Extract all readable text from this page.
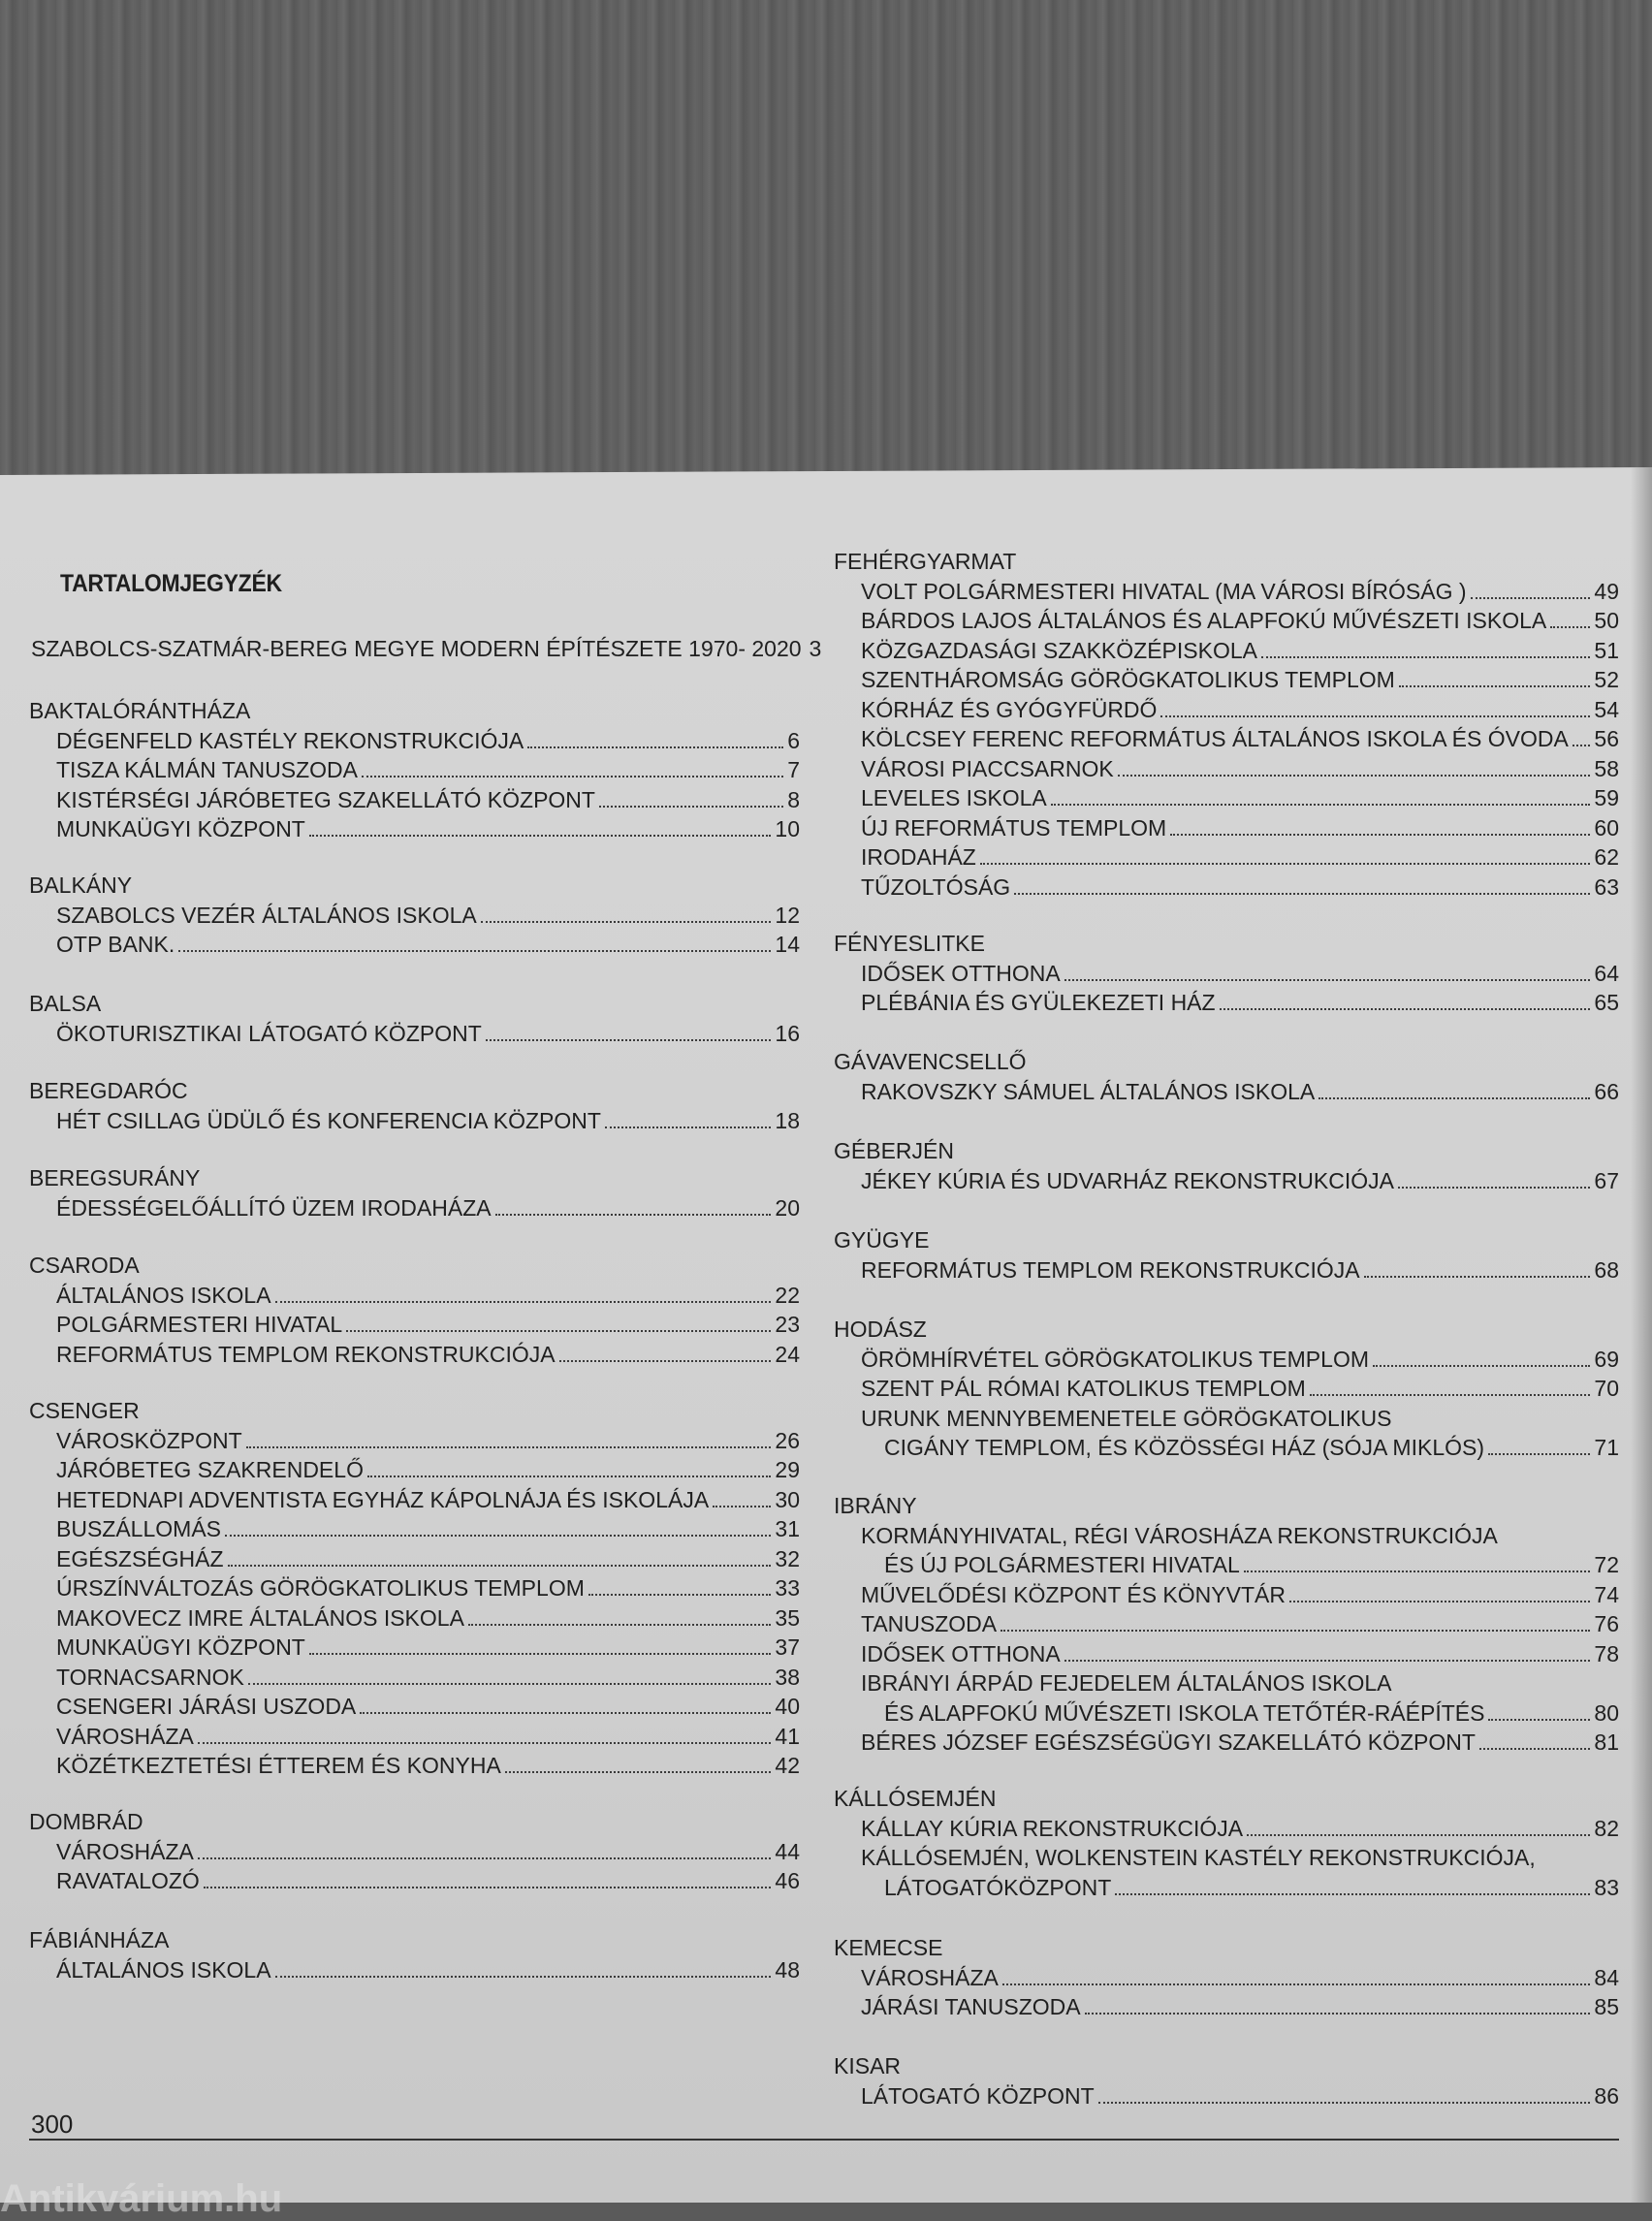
TARTALOMJEGYZÉK
SZABOLCS-SZATMÁR-BEREG MEGYE MODERN ÉPÍTÉSZETE 1970- 2020 3
BAKTALÓRÁNTHÁZA
DÉGENFELD KASTÉLY REKONSTRUKCIÓJA	6
TISZA KÁLMÁN TANUSZODA	7
KISTÉRSÉGI JÁRÓBETEG SZAKELLÁTÓ KÖZPONT	8
MUNKAÜGYI KÖZPONT	10
BALKÁNY
SZABOLCS VEZÉR ÁLTALÁNOS ISKOLA	12
OTP BANK.	14
BALSA
ÖKOTURISZTIKAI LÁTOGATÓ KÖZPONT	16
BEREGDARÓC
HÉT CSILLAG ÜDÜLŐ ÉS KONFERENCIA KÖZPONT	18
BEREGSURÁNY
ÉDESSÉGELŐÁLLÍTÓ ÜZEM IRODAHÁZA	20
CSARODA
ÁLTALÁNOS ISKOLA	22
POLGÁRMESTERI HIVATAL	23
REFORMÁTUS TEMPLOM REKONSTRUKCIÓJA	24
CSENGER
VÁROSKÖZPONT	26
JÁRÓBETEG SZAKRENDELŐ	29
HETEDNAPI ADVENTISTA EGYHÁZ KÁPOLNÁJA ÉS ISKOLÁJA	30
BUSZÁLLOMÁS	31
EGÉSZSÉGHÁZ	32
ÚRSZÍNVÁLTOZÁS GÖRÖGKATOLIKUS TEMPLOM	33
MAKOVECZ IMRE ÁLTALÁNOS ISKOLA	35
MUNKAÜGYI KÖZPONT	37
TORNACSARNOK	38
CSENGERI JÁRÁSI USZODA	40
VÁROSHÁZA	41
KÖZÉTKEZTETÉSI ÉTTEREM ÉS KONYHA	42
DOMBRÁD
VÁROSHÁZA	44
RAVATALOZÓ	46
FÁBIÁNHÁZA
ÁLTALÁNOS ISKOLA	48
FEHÉRGYARMAT
VOLT POLGÁRMESTERI HIVATAL (MA VÁROSI BÍRÓSÁG )	49
BÁRDOS LAJOS ÁLTALÁNOS ÉS ALAPFOKÚ MŰVÉSZETI ISKOLA 50
KÖZGAZDASÁGI SZAKKÖZÉPISKOLA	51
SZENTHÁROMSÁG GÖRÖGKATOLIKUS TEMPLOM	52
KÓRHÁZ ÉS GYÓGYFÜRDŐ	54
KÖLCSEY FERENC REFORMÁTUS ÁLTALÁNOS ISKOLA ÉS ÓVODA 56
VÁROSI PIACCSARNOK	58
LEVELES ISKOLA	59
ÚJ REFORMÁTUS TEMPLOM	60
IRODAHÁZ	62
TŰZOLTÓSÁG	63
FÉNYESLITKE
IDŐSEK OTTHONA	64
PLÉBÁNIA ÉS GYÜLEKEZETI HÁZ	65
GÁVAVENCSELLŐ
RAKOVSZKY SÁMUEL ÁLTALÁNOS ISKOLA	66
GÉBERJÉN
JÉKEY KÚRIA ÉS UDVARHÁZ REKONSTRUKCIÓJA	67
GYÜGYE
REFORMÁTUS TEMPLOM REKONSTRUKCIÓJA	68
HODÁSZ
ÖRÖMHÍRVÉTEL GÖRÖGKATOLIKUS TEMPLOM	69
SZENT PÁL RÓMAI KATOLIKUS TEMPLOM	70
URUNK MENNYBEMENETELE GÖRÖGKATOLIKUS
CIGÁNY TEMPLOM, ÉS KÖZÖSSÉGI HÁZ (SÓJA MIKLÓS)	71
IBRÁNY
KORMÁNYHIVATAL, RÉGI VÁROSHÁZA REKONSTRUKCIÓJA
ÉS ÚJ POLGÁRMESTERI HIVATAL	72
MŰVELŐDÉSI KÖZPONT ÉS KÖNYVTÁR	74
TANUSZODA	76
IDŐSEK OTTHONA	78
IBRÁNYI ÁRPÁD FEJEDELEM ÁLTALÁNOS ISKOLA
ÉS ALAPFOKÚ MŰVÉSZETI ISKOLA TETŐTÉR-RÁÉPÍTÉS	80
BÉRES JÓZSEF EGÉSZSÉGÜGYI SZAKELLÁTÓ KÖZPONT	81
KÁLLÓSEMJÉN
KÁLLAY KÚRIA REKONSTRUKCIÓJA	82
KÁLLÓSEMJÉN, WOLKENSTEIN KASTÉLY REKONSTRUKCIÓJA,
LÁTOGATÓKÖZPONT	83
KEMECSE
VÁROSHÁZA	84
JÁRÁSI TANUSZODA	85
KISAR
LÁTOGATÓ KÖZPONT	86
300
Antikvárium.hu
